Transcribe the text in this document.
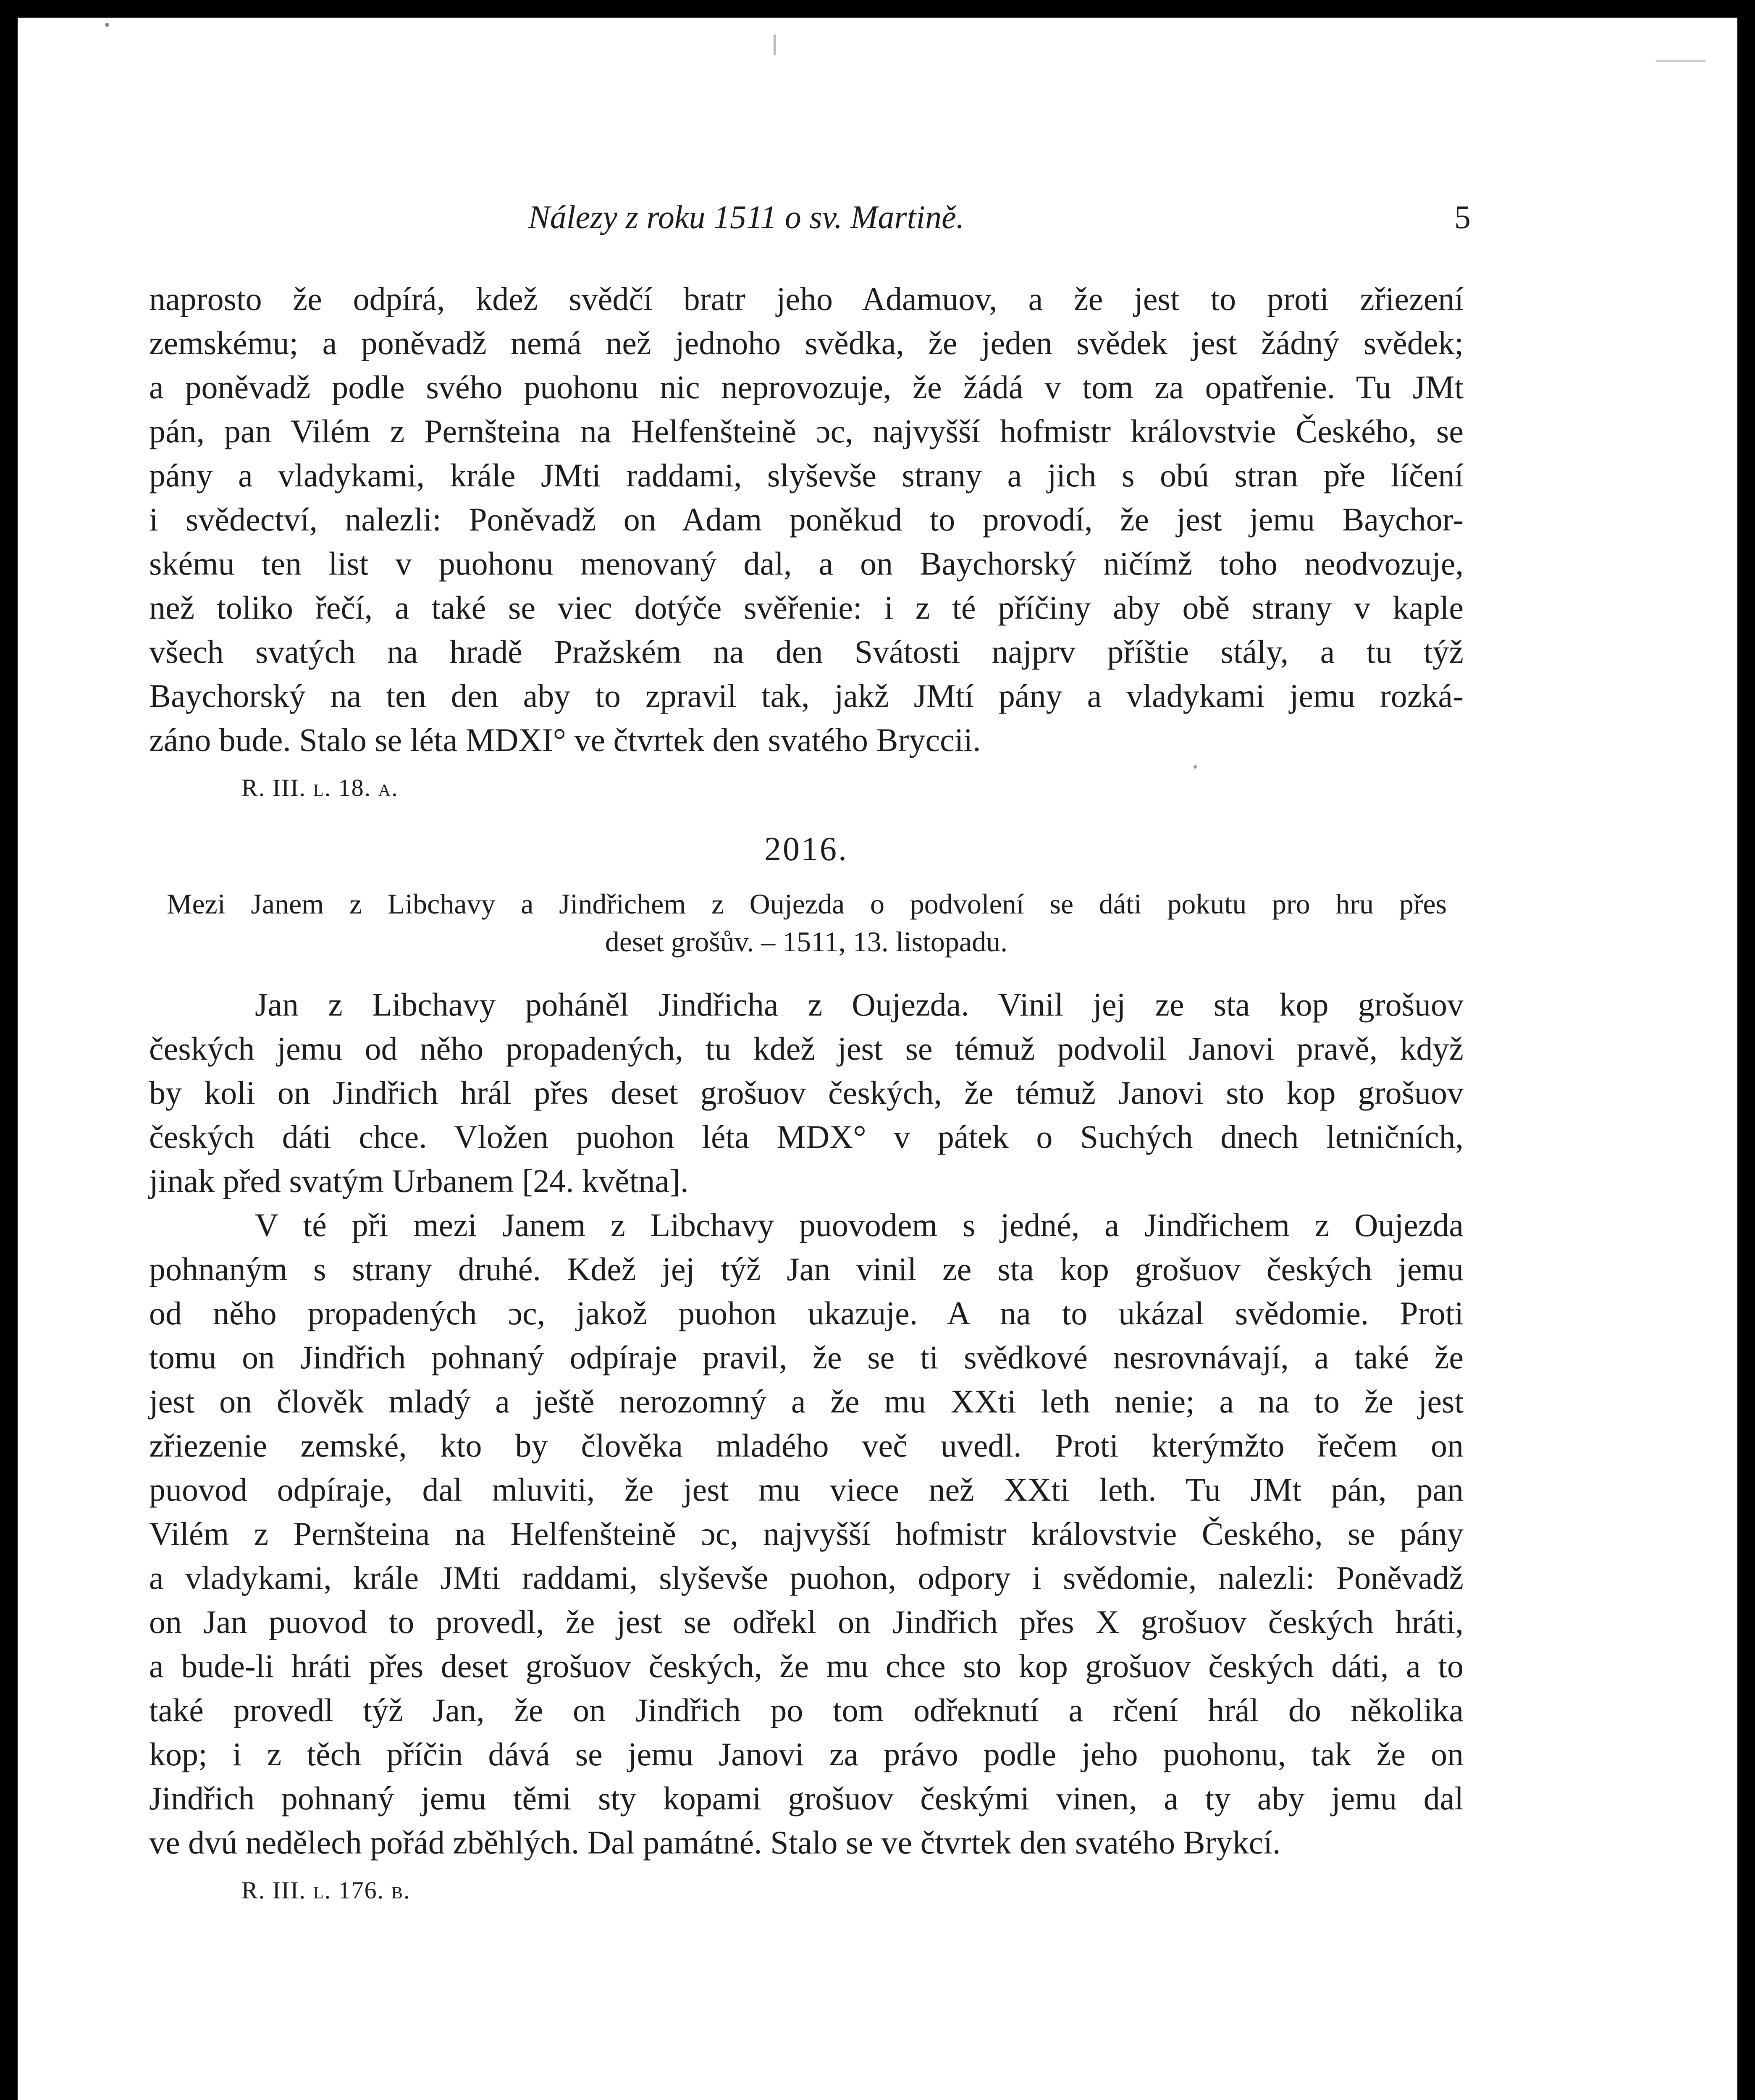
Nálezy z roku 1511 o sv. Martině.	5
naprosto že odpírá, kdež svědčí bratr jeho Adamuov, a že jest to proti zřiezení
zemskému; a poněvadž nemá než jednoho svědka, že jeden svědek jest žádný svědek;
a poněvadž podle svého puohonu nic neprovozuje, že žádá v tom za opatřenie. Tu JMt
pán, pan Vilém z Pernšteina na Helfenšteině ɔc, najvyšší hofmistr královstvie Českého, se
pány a vladykami, krále JMti raddami, slyševše strany a jich s obú stran pře líčení
i svědectví, nalezli: Poněvadž on Adam poněkud to provodí, že jest jemu Baychor-
skému ten list v puohonu menovaný dal, a on Baychorský ničímž toho neodvozuje,
než toliko řečí, a také se viec dotýče svěřenie: i z té příčiny aby obě strany v kaple
všech svatých na hradě Pražském na den Svátosti najprv příštie stály, a tu týž
Baychorský na ten den aby to zpravil tak, jakž JMtí pány a vladykami jemu rozká-
záno bude. Stalo se léta MDXI° ve čtvrtek den svatého Bryccii.
R. III. l. 18. a.
2016.
Mezi Janem z Libchavy a Jindřichem z Oujezda o podvolení se dáti pokutu pro hru přes
deset grošův. – 1511, 13. listopadu.
Jan z Libchavy poháněl Jindřicha z Oujezda. Vinil jej ze sta kop grošuov
českých jemu od něho propadených, tu kdež jest se témuž podvolil Janovi pravě, když
by koli on Jindřich hrál přes deset grošuov českých, že témuž Janovi sto kop grošuov
českých dáti chce. Vložen puohon léta MDX° v pátek o Suchých dnech letničních,
jinak před svatým Urbanem [24. května].
V té při mezi Janem z Libchavy puovodem s jedné, a Jindřichem z Oujezda
pohnaným s strany druhé. Kdež jej týž Jan vinil ze sta kop grošuov českých jemu
od něho propadených ɔc, jakož puohon ukazuje. A na to ukázal svědomie. Proti
tomu on Jindřich pohnaný odpíraje pravil, že se ti svědkové nesrovnávají, a také že
jest on člověk mladý a ještě nerozomný a že mu XXti leth nenie; a na to že jest
zřiezenie zemské, kto by člověka mladého več uvedl. Proti kterýmžto řečem on
puovod odpíraje, dal mluviti, že jest mu viece než XXti leth. Tu JMt pán, pan
Vilém z Pernšteina na Helfenšteině ɔc, najvyšší hofmistr královstvie Českého, se pány
a vladykami, krále JMti raddami, slyševše puohon, odpory i svědomie, nalezli: Poněvadž
on Jan puovod to provedl, že jest se odřekl on Jindřich přes X grošuov českých hráti,
a bude-li hráti přes deset grošuov českých, že mu chce sto kop grošuov českých dáti, a to
také provedl týž Jan, že on Jindřich po tom odřeknutí a rčení hrál do několika
kop; i z těch příčin dává se jemu Janovi za právo podle jeho puohonu, tak že on
Jindřich pohnaný jemu těmi sty kopami grošuov českými vinen, a ty aby jemu dal
ve dvú nedělech pořád zběhlých. Dal památné. Stalo se ve čtvrtek den svatého Brykcí.
R. III. l. 176. b.
